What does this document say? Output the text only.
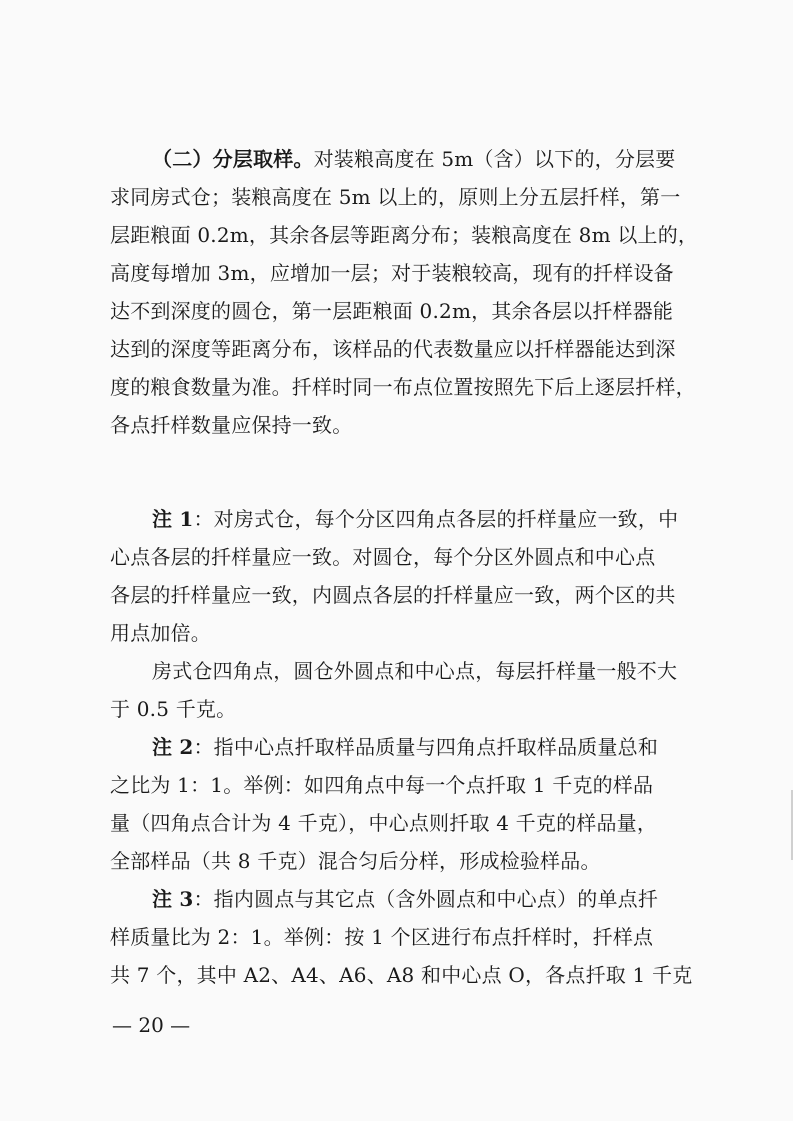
（二）分层取样。对装粮高度在 5m（含）以下的，分层要
求同房式仓；装粮高度在 5m 以上的，原则上分五层扦样，第一
层距粮面 0.2m，其余各层等距离分布；装粮高度在 8m 以上的，
高度每增加 3m，应增加一层；对于装粮较高，现有的扦样设备
达不到深度的圆仓，第一层距粮面 0.2m，其余各层以扦样器能
达到的深度等距离分布，该样品的代表数量应以扦样器能达到深
度的粮食数量为准。扦样时同一布点位置按照先下后上逐层扦样，
各点扦样数量应保持一致。
注 1：对房式仓，每个分区四角点各层的扦样量应一致，中
心点各层的扦样量应一致。对圆仓，每个分区外圆点和中心点
各层的扦样量应一致，内圆点各层的扦样量应一致，两个区的共
用点加倍。
房式仓四角点，圆仓外圆点和中心点，每层扦样量一般不大
于 0.5 千克。
注 2：指中心点扦取样品质量与四角点扦取样品质量总和
之比为 1：1。举例：如四角点中每一个点扦取 1 千克的样品
量（四角点合计为 4 千克），中心点则扦取 4 千克的样品量，
全部样品（共 8 千克）混合匀后分样，形成检验样品。
注 3：指内圆点与其它点（含外圆点和中心点）的单点扦
样质量比为 2：1。举例：按 1 个区进行布点扦样时，扦样点
共 7 个，其中 A2、A4、A6、A8 和中心点 O，各点扦取 1 千克
— 20 —
